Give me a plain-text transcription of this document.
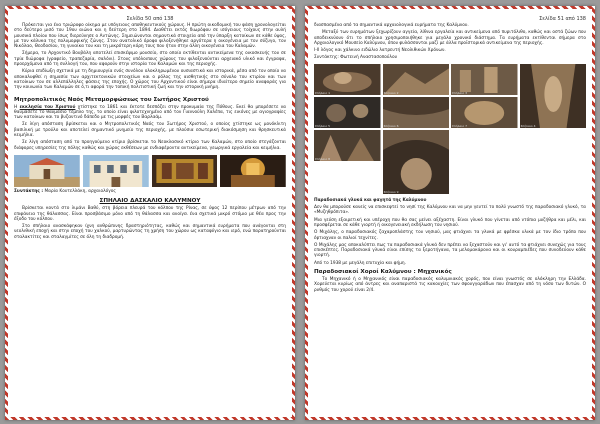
Σελίδα 50 από 138

Πρόκειται για ένα τριώροφο οίκημα με υπόγειους αποθηκευτικούς χώρους. Η πρώτη οικοδομική του φάση χρονολογείται στο δεύτερο μισό του 19ου αιώνα και η δεύτερη στο 1894. Διαθέτει εκτός διωρόφου σε ισόγειους τοίχους στην αυλή μουσικά πλοίου που ίσως διερεύνησε ο Αντώνης. Σημειώνονται σημαντικά στοιχεία από την ύπαρξη κατοίκων σε κάθε ύψος, με τον κάλυκα της πολυμορφικής ζώνης. Στον ανατολικό όροφο φιλοξενήθηκε αργότερα η οικογένεια με τον σύζυγο, τον Νικόλαο, Θεοδοσίου, τη γυναίκα του και τη μικρότερη κόρη τους που ήταν στην άλλη οικογένεια του Καλαμών.

Σήμερα, το Αρχοντικό Βουβάλη αποτελεί επισκέψιμο μουσείο, στο οποίο εκτίθενται αντικείμενα της οικοσκευής του σε τρία διώροφα (γραφείο, τραπεζαρία, σαλόνι). Στους υπόλοιπους χώρους του φιλοξενούνται αρχειακό υλικό και έγγραφα, προερχόμενα από τη συλλογή του, που αφορούν στην ιστορία του Καλαμών και της περιοχής.

Κύρια επιδίωξη σχετικά με τη δημιουργία ενός συνόλου ολοκληρωμένου ουσιαστικά και ιστορικά, μέσα από τον οποίο να αποκαλυφθεί η σημασία των αρχιτεκτονικών στοιχείων και ο ρόλος της αισθητικής στο σύνολο του κτιρίου και των κατοίκων του σε αλλεπάλληλες φάσεις της εποχής. Ο χώρος του Αρχοντικού είναι σήμερα ιδιαίτερο σημείο αναφοράς για την κοινωνία των Καλαμών σε ό,τι αφορά την τοπική πολιτιστική ζωή και την ιστορική μνήμη.

Μητροπολιτικός Ναός Μεταμορφώσεως του Σωτήρος Χριστού

Η εκκλησία του Χριστού χτίστηκε το 1861 και έκτοτε δεσπόζει στην προκυμαία της Πόθους. Εκεί θα μπορέσετε να θαυμάσετε το θαυμάσιο τέμπλο της, το οποίο είναι φιλοτεχνημένο από τον Γιαννούλη Χαλέπα, τις εικόνες με αγιογραφίες των κατοίκων και το βυζαντινό δάπεδο με τις μορφές του Βαρλαάμ.

Σε λίγη απόσταση βρίσκεται και ο Μητροπολιτικός Ναός του Σωτήρος Χριστού, ο οποίος χτίστηκε ως μονόκλιτη βασιλική με τρούλο και αποτελεί σημαντικό μνημείο της περιοχής, με πλούσια εσωτερική διακόσμηση και θρησκευτικά κειμήλια.

Σε λίγη απόσταση από το προηγούμενο κτίριο βρίσκεται το Νεοκλασικό κτίριο των Καλαμών, στο οποίο στεγάζονται διάφορες υπηρεσίες της πόλης καθώς και χώρος εκθέσεων με ενδιαφέροντα αντικείμενα, γεωργικά εργαλεία και κειμήλια.

Συντάκτης : Μαρία Κουτελλάκη, αρχαιολόγος
ΣΠΗΛΑΙΟ ΔΑΣΚΑΛΙΟ ΚΑΛΥΜΝΟΥ

Βρίσκεται κοντά στο λιμάνι Βαθύ, στη βόρεια πλευρά του κόλπου της Ρίνας, σε ύψος 12 περίπου μέτρων από την επιφάνεια της θάλασσας. Είναι προσβάσιμο μόνο από τη θάλασσα και ανοίγει ένα σχετικά μικρό στόμιο με θέα προς την έξοδο του κόλπου.

Στο σπήλαιο ανασκάφηκαν ίχνη ανθρώπινης δραστηριότητας, καθώς και σημαντικά ευρήματα που ανάγονται στη νεολιθική εποχή και στην εποχή του χαλκού, μαρτυρώντας τη χρήση του χώρου ως καταφύγιο και ιερό, ενώ παρατηρούνται σταλακτίτες και σταλαγμίτες σε όλη τη διαδρομή.

Σελίδα 51 από 138

διασπασμένα από τα σημαντικά αρχαιολογικά ευρήματα της Καλύμνου.

Μεταξύ των ευρημάτων ξεχωρίζουν αγγεία, λίθινα εργαλεία και αντικείμενα από πυριτόλιθο, καθώς και οστά ζώων που αποδεικνύουν ότι το σπήλαιο χρησιμοποιήθηκε για μεγάλο χρονικό διάστημα. Τα ευρήματα εκτίθενται σήμερα στο Αρχαιολογικό Μουσείο Καλύμνου, όπου φυλάσσονται μαζί με άλλα προϊστορικά αντικείμενα της περιοχής.

Ι-ΙΙ λόγος και χάλκινο ειδώλιο λατρευτή Νεολιθικών Χρόνων.

Συντάκτης: Φωτεινή Αναστασοπούλου

Σπήλαιο 1	Σπήλαιο 2	Σπήλαιο 3
Σπήλαιο 4
Σπήλαιο 5	Σπήλαιο 6	Σπήλαιο 7
Σπήλαιο 8
Σπήλαιο 9

Παραδοσιακά γλυκά και φαγητά της Καλύμνου

Δεν θα μπορούσε κανείς να επισκεφτεί το νησί της Καλύμνου και να μην γευτεί το πολύ γνωστό της παραδοσιακό γλυκό, τα «Μυζηθρόπιτα».

Μια γεύση εξαιρετική και υπέροχη που θα σας μείνει αξέχαστη. Είναι γλυκό που γίνεται από ντόπια μυζήθρα και μέλι, και προσφέρεται σε κάθε γιορτή ή οικογενειακή εκδήλωση του νησιού.

Ο Μιχάλης, ο παραδοσιακός ζαχαροπλάστης του νησιού, μας φτιάχνει τα γλυκά με φρέσκα υλικά με τον ίδιο τρόπο που έφτιαχναν οι παλιοί τεχνίτες.

Ο Μιχάλης μας αποκαλύπτει πως τα παραδοσιακά γλυκά δεν πρέπει να ξεχαστούν και γι' αυτό τα φτιάχνει συνεχώς για τους επισκέπτες. Παραδοσιακά γλυκά είναι επίσης τα ξεροτήγανα, τα μελομακάρονα και οι κουραμπιέδες που συνοδεύουν κάθε γιορτή.

Από το 1938 με μεγάλη επιτυχία και φήμη.

Παραδοσιακοί Χοροί Καλύμνου : Μηχανικός

Το Μηχανικό ή ο Μηχανικός είναι παραδοσιακός καλυμνιακός χορός, που είναι γνωστός σε ολόκληρη την Ελλάδα. Χορεύεται κυρίως από άντρες και αναπαριστά τις κακουχίες των σφουγγαράδων που έπασχαν από τη νόσο των δυτών. Ο ρυθμός του χορού είναι 2/4.
